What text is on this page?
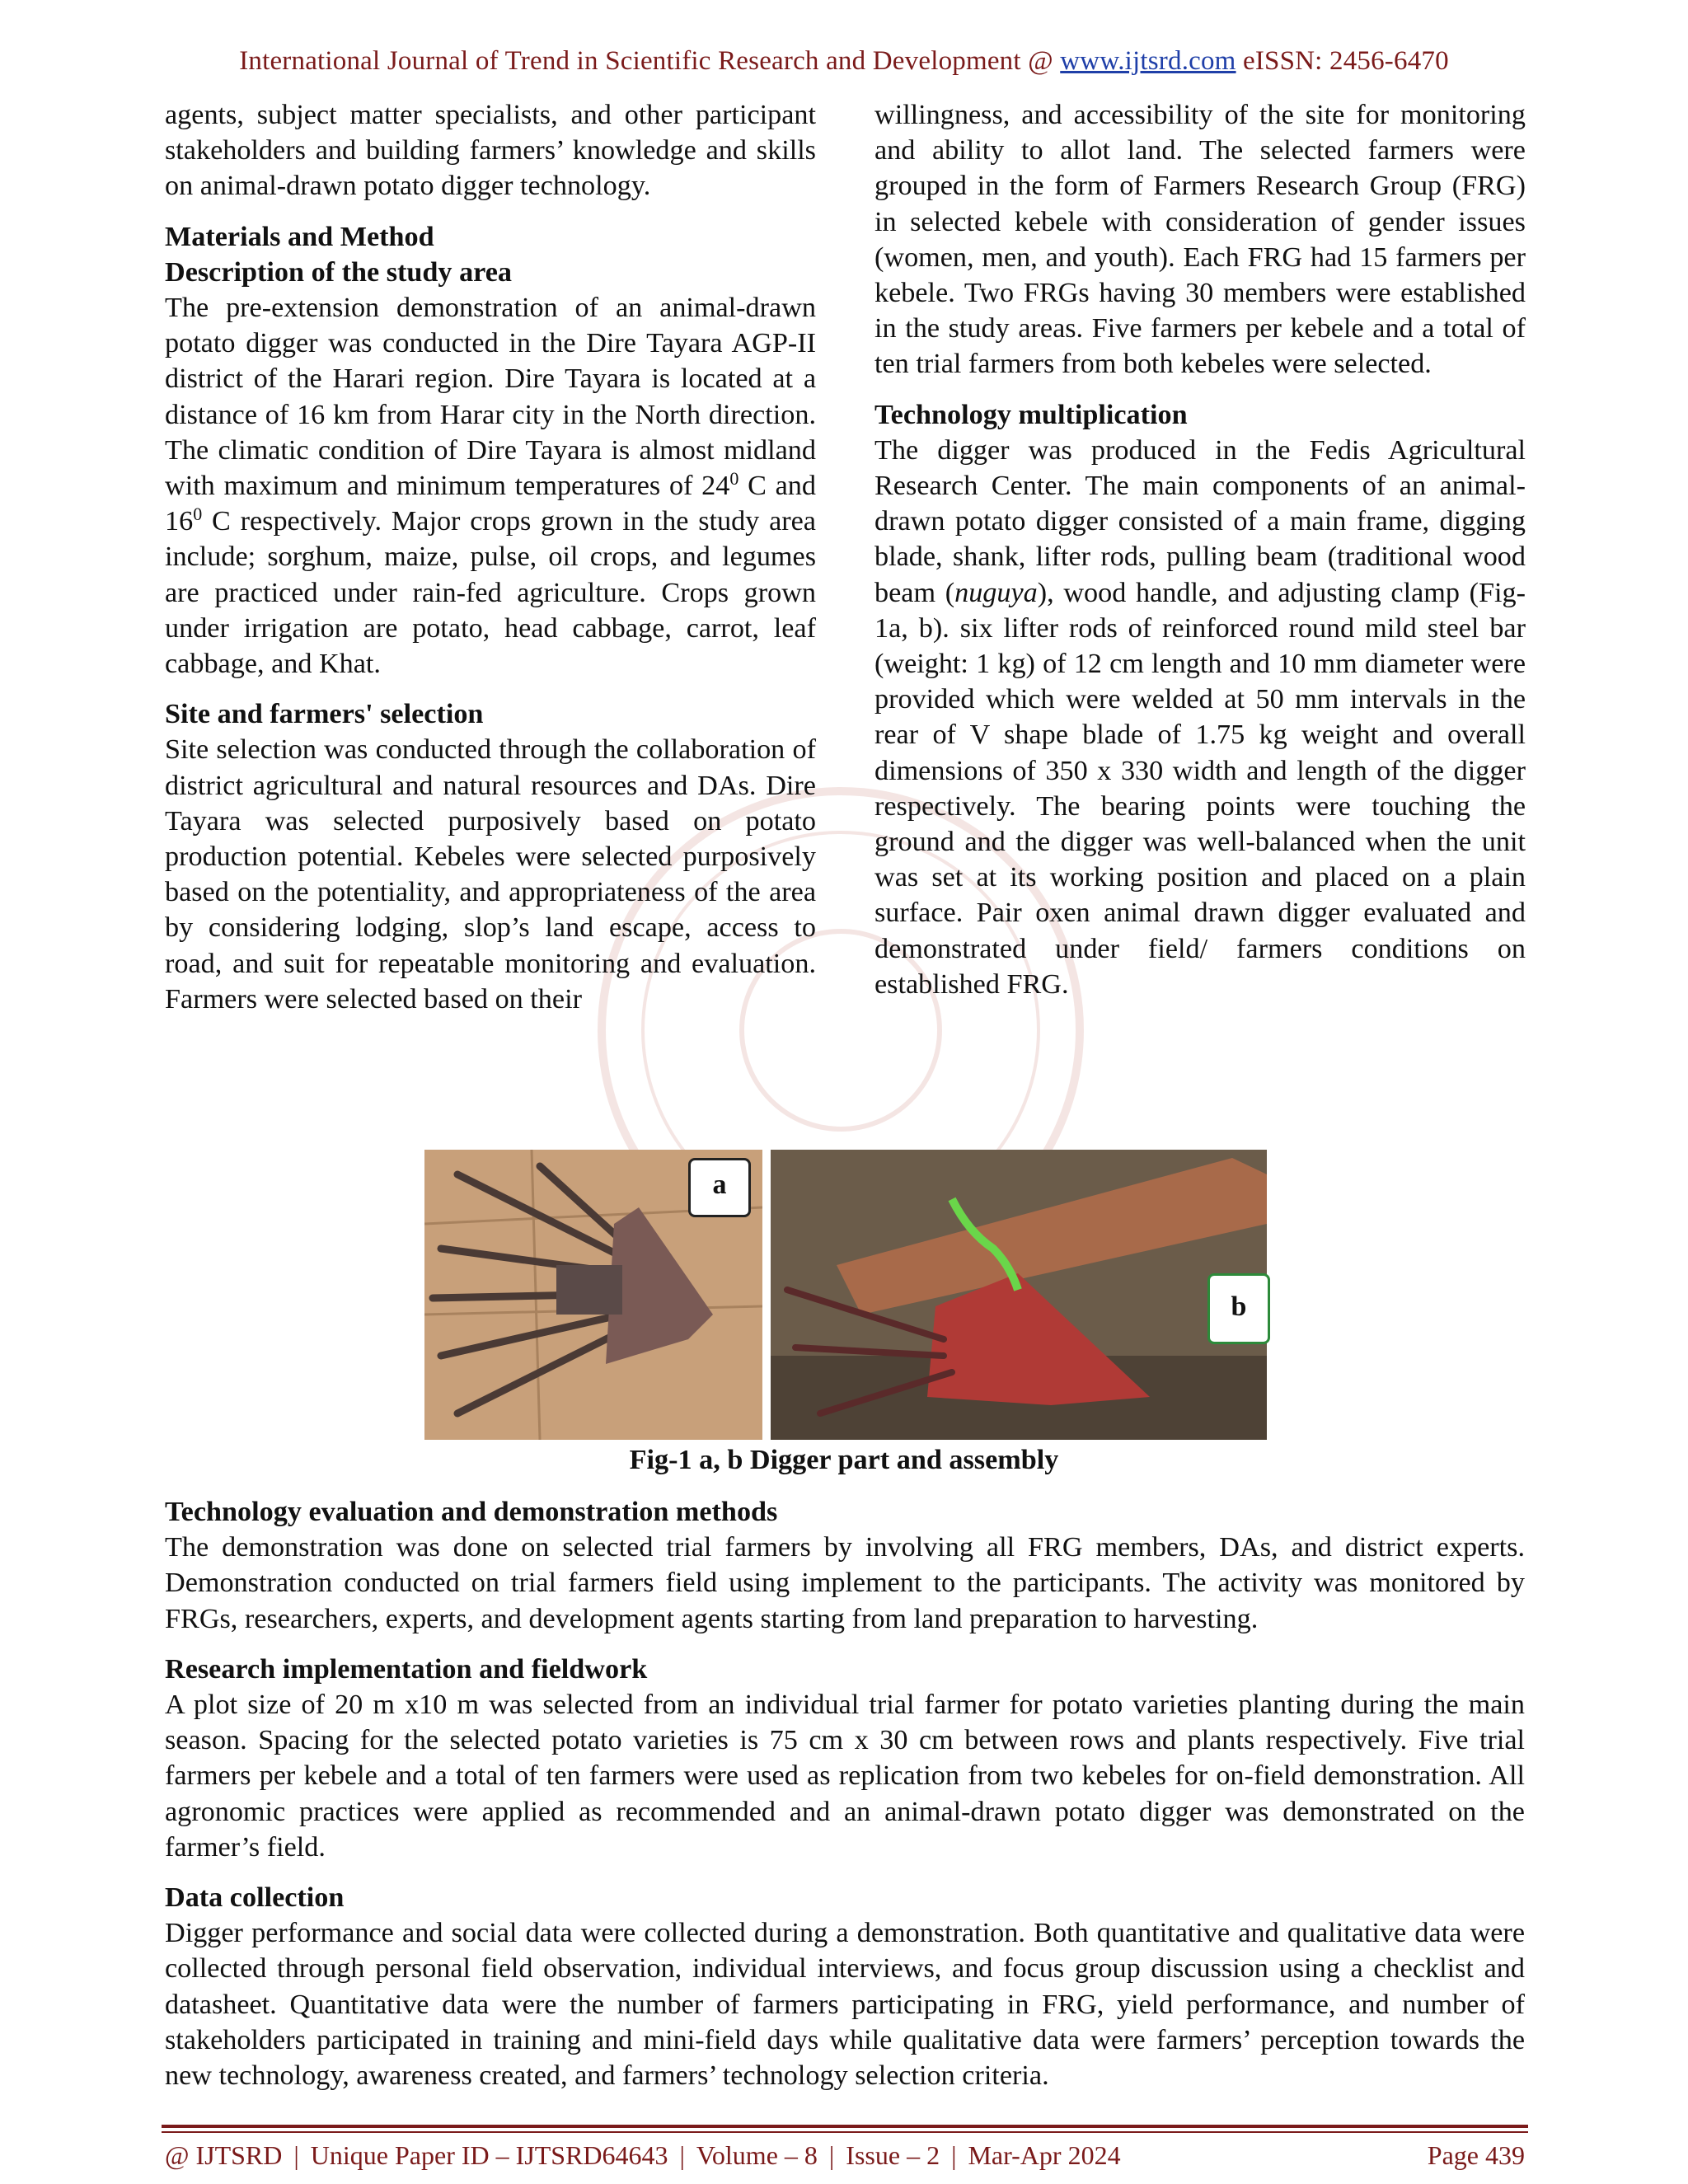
International Journal of Trend in Scientific Research and Development @ www.ijtsrd.com eISSN: 2456-6470

agents, subject matter specialists, and other participant stakeholders and building farmers’ knowledge and skills on animal-drawn potato digger technology.

Materials and Method

Description of the study area

The pre-extension demonstration of an animal-drawn potato digger was conducted in the Dire Tayara AGP-II district of the Harari region. Dire Tayara is located at a distance of 16 km from Harar city in the North direction. The climatic condition of Dire Tayara is almost midland with maximum and minimum temperatures of $24^0$ C and $16^0$ C respectively. Major crops grown in the study area include; sorghum, maize, pulse, oil crops, and legumes are practiced under rain-fed agriculture. Crops grown under irrigation are potato, head cabbage, carrot, leaf cabbage, and Khat.

Site and farmers' selection

Site selection was conducted through the collaboration of district agricultural and natural resources and DAs. Dire Tayara was selected purposively based on potato production potential. Kebeles were selected purposively based on the potentiality, and appropriateness of the area by considering lodging, slop’s land escape, access to road, and suit for repeatable monitoring and evaluation. Farmers were selected based on their

willingness, and accessibility of the site for monitoring and ability to allot land. The selected farmers were grouped in the form of Farmers Research Group (FRG) in selected kebele with consideration of gender issues (women, men, and youth). Each FRG had 15 farmers per kebele. Two FRGs having 30 members were established in the study areas. Five farmers per kebele and a total of ten trial farmers from both kebeles were selected.

Technology multiplication

The digger was produced in the Fedis Agricultural Research Center. The main components of an animal-drawn potato digger consisted of a main frame, digging blade, shank, lifter rods, pulling beam (traditional wood beam (nuguya), wood handle, and adjusting clamp (Fig-1a, b). six lifter rods of reinforced round mild steel bar (weight: 1 kg) of 12 cm length and 10 mm diameter were provided which were welded at 50 mm intervals in the rear of V shape blade of 1.75 kg weight and overall dimensions of 350 x 330 width and length of the digger respectively. The bearing points were touching the ground and the digger was well-balanced when the unit was set at its working position and placed on a plain surface. Pair oxen animal drawn digger evaluated and demonstrated under field/ farmers conditions on established FRG.

a
b
Fig-1 a, b Digger part and assembly

Technology evaluation and demonstration methods

The demonstration was done on selected trial farmers by involving all FRG members, DAs, and district experts. Demonstration conducted on trial farmers field using implement to the participants. The activity was monitored by FRGs, researchers, experts, and development agents starting from land preparation to harvesting.

Research implementation and fieldwork

A plot size of 20 m x10 m was selected from an individual trial farmer for potato varieties planting during the main season. Spacing for the selected potato varieties is 75 cm x 30 cm between rows and plants respectively. Five trial farmers per kebele and a total of ten farmers were used as replication from two kebeles for on-field demonstration. All agronomic practices were applied as recommended and an animal-drawn potato digger was demonstrated on the farmer’s field.

Data collection

Digger performance and social data were collected during a demonstration. Both quantitative and qualitative data were collected through personal field observation, individual interviews, and focus group discussion using a checklist and datasheet. Quantitative data were the number of farmers participating in FRG, yield performance, and number of stakeholders participated in training and mini-field days while qualitative data were farmers’ perception towards the new technology, awareness created, and farmers’ technology selection criteria.

@ IJTSRD | Unique Paper ID – IJTSRD64643 | Volume – 8 | Issue – 2 | Mar-Apr 2024	Page 439
